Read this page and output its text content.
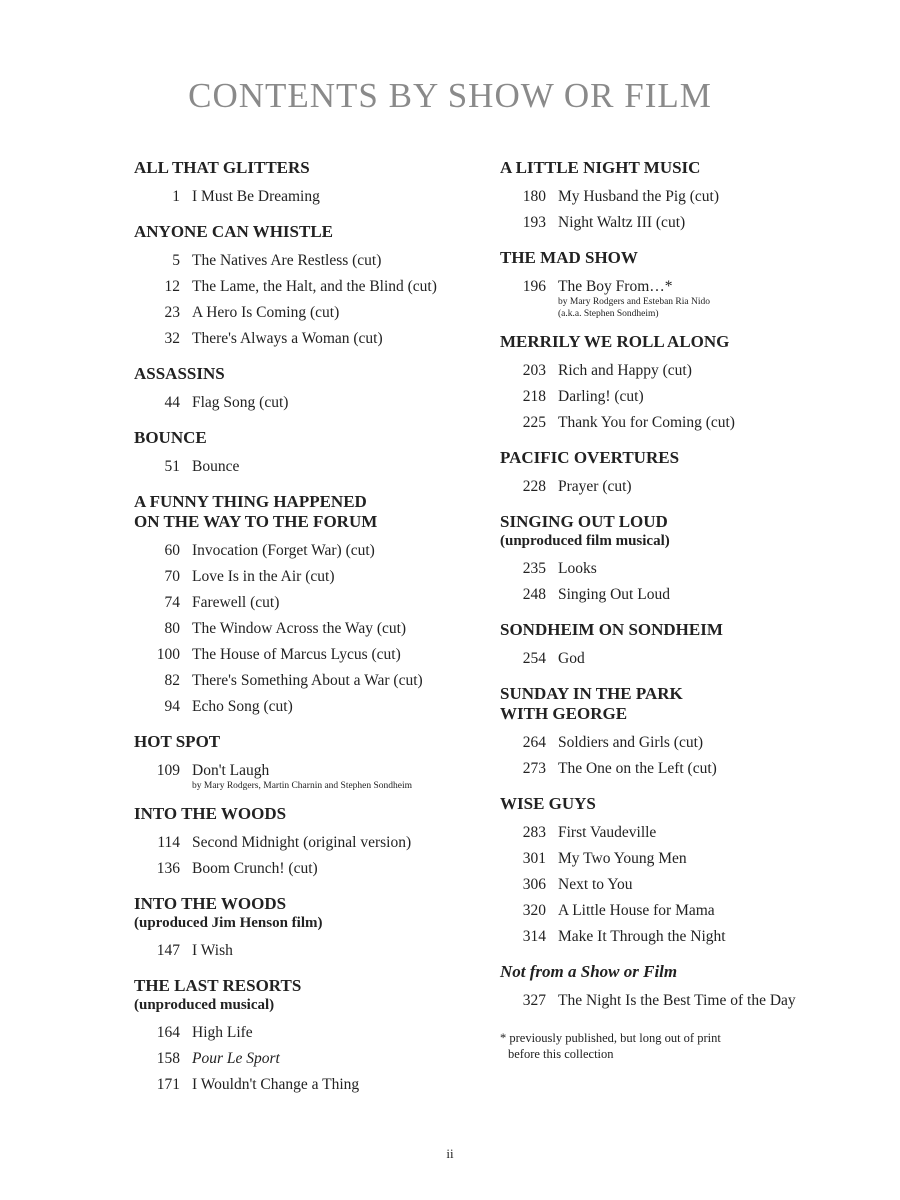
CONTENTS BY SHOW OR FILM
ALL THAT GLITTERS
1 I Must Be Dreaming
ANYONE CAN WHISTLE
5 The Natives Are Restless (cut)
12 The Lame, the Halt, and the Blind (cut)
23 A Hero Is Coming (cut)
32 There's Always a Woman (cut)
ASSASSINS
44 Flag Song (cut)
BOUNCE
51 Bounce
A FUNNY THING HAPPENED
ON THE WAY TO THE FORUM
60 Invocation (Forget War) (cut)
70 Love Is in the Air (cut)
74 Farewell (cut)
80 The Window Across the Way (cut)
100 The House of Marcus Lycus (cut)
82 There's Something About a War (cut)
94 Echo Song (cut)
HOT SPOT
109 Don't Laugh
by Mary Rodgers, Martin Charnin and Stephen Sondheim
INTO THE WOODS
114 Second Midnight (original version)
136 Boom Crunch! (cut)
INTO THE WOODS
(uproduced Jim Henson film)
147 I Wish
THE LAST RESORTS
(unproduced musical)
164 High Life
158 Pour Le Sport
171 I Wouldn't Change a Thing
A LITTLE NIGHT MUSIC
180 My Husband the Pig (cut)
193 Night Waltz III (cut)
THE MAD SHOW
196 The Boy From…*
by Mary Rodgers and Esteban Ria Nido
(a.k.a. Stephen Sondheim)
MERRILY WE ROLL ALONG
203 Rich and Happy (cut)
218 Darling! (cut)
225 Thank You for Coming (cut)
PACIFIC OVERTURES
228 Prayer (cut)
SINGING OUT LOUD
(unproduced film musical)
235 Looks
248 Singing Out Loud
SONDHEIM ON SONDHEIM
254 God
SUNDAY IN THE PARK
WITH GEORGE
264 Soldiers and Girls (cut)
273 The One on the Left (cut)
WISE GUYS
283 First Vaudeville
301 My Two Young Men
306 Next to You
320 A Little House for Mama
314 Make It Through the Night
Not from a Show or Film
327 The Night Is the Best Time of the Day
* previously published, but long out of print
before this collection
ii
